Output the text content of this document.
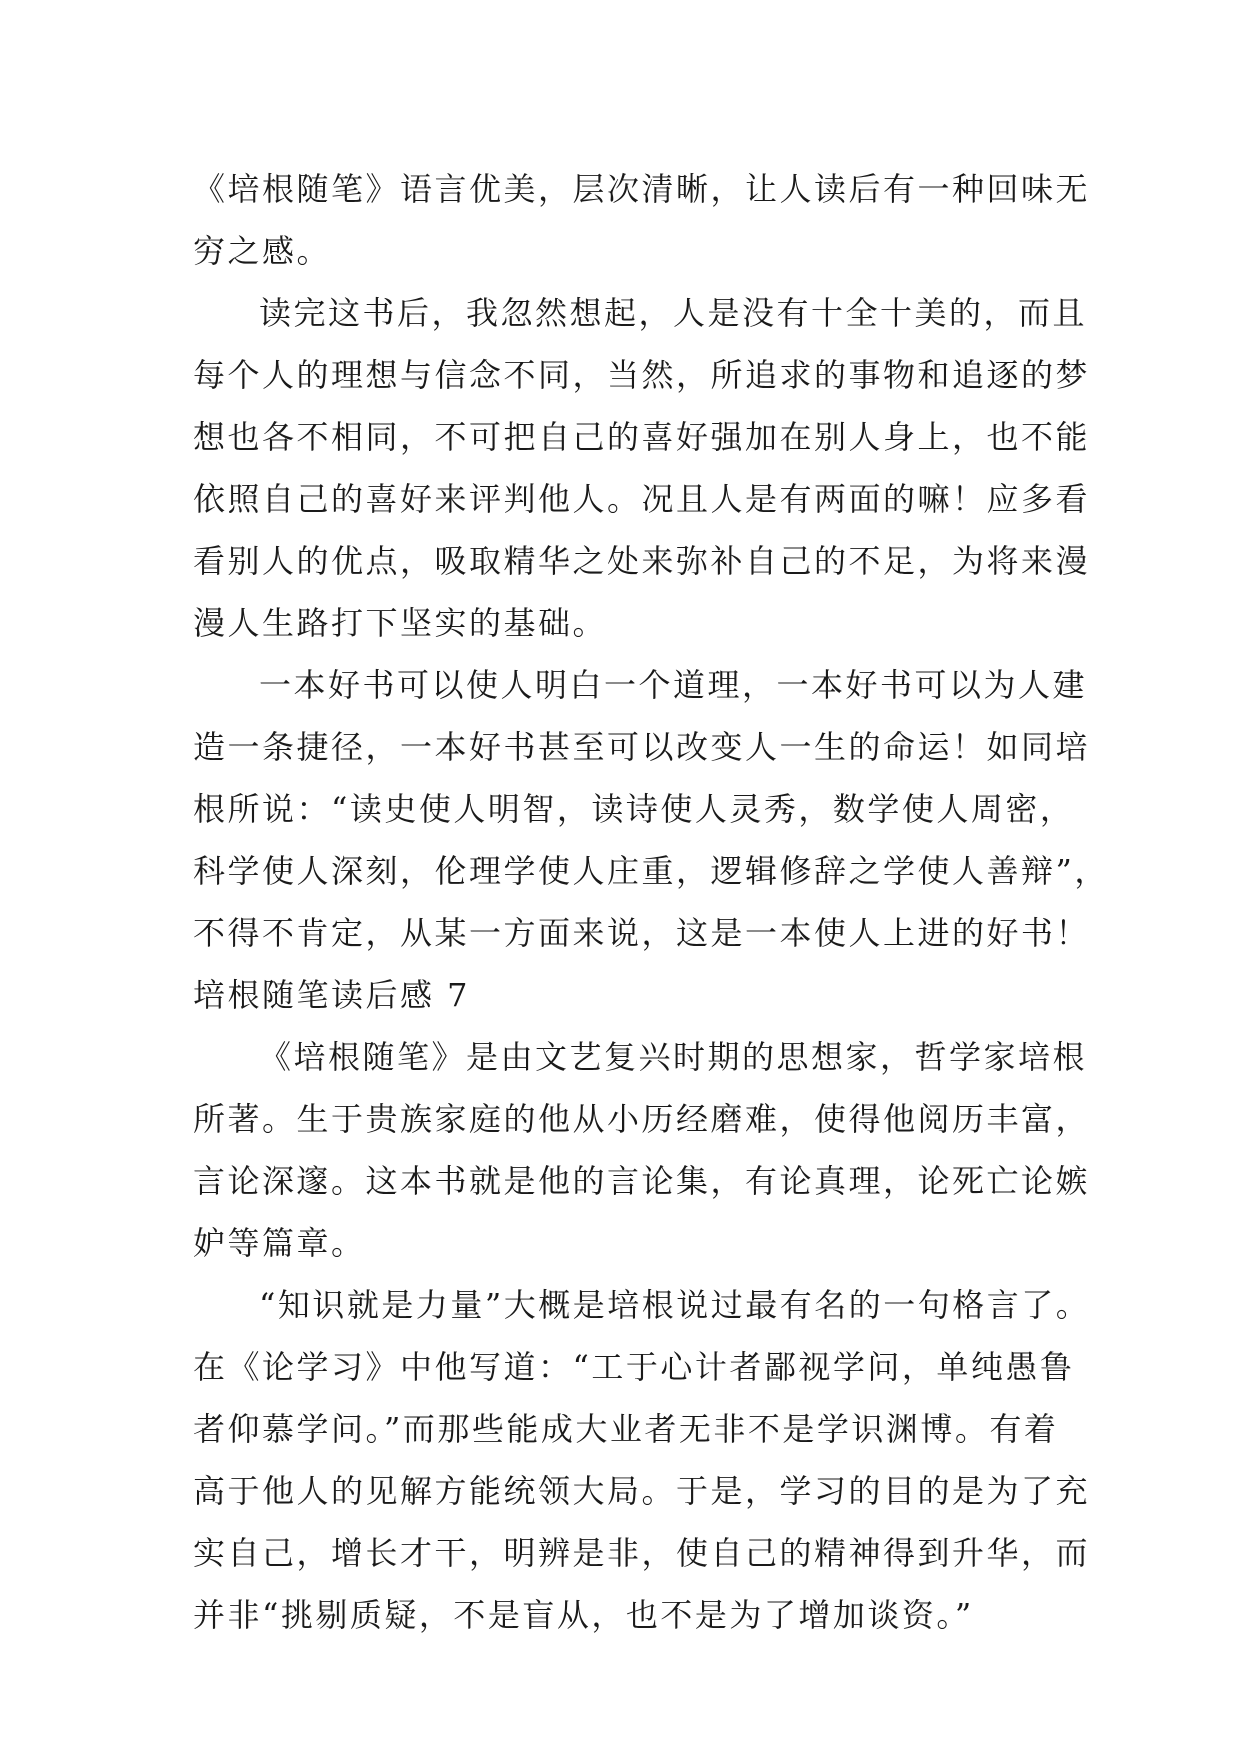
《培根随笔》语言优美，层次清晰，让人读后有一种回味无
穷之感。
读完这书后，我忽然想起，人是没有十全十美的，而且
每个人的理想与信念不同，当然，所追求的事物和追逐的梦
想也各不相同，不可把自己的喜好强加在别人身上，也不能
依照自己的喜好来评判他人。况且人是有两面的嘛！应多看
看别人的优点，吸取精华之处来弥补自己的不足，为将来漫
漫人生路打下坚实的基础。
一本好书可以使人明白一个道理，一本好书可以为人建
造一条捷径，一本好书甚至可以改变人一生的命运！如同培
根所说：“读史使人明智，读诗使人灵秀，数学使人周密，
科学使人深刻，伦理学使人庄重，逻辑修辞之学使人善辩”，
不得不肯定，从某一方面来说，这是一本使人上进的好书！
培根随笔读后感 7
《培根随笔》是由文艺复兴时期的思想家，哲学家培根
所著。生于贵族家庭的他从小历经磨难，使得他阅历丰富，
言论深邃。这本书就是他的言论集，有论真理，论死亡论嫉
妒等篇章。
“知识就是力量”大概是培根说过最有名的一句格言了。
在《论学习》中他写道：“工于心计者鄙视学问，单纯愚鲁
者仰慕学问。”而那些能成大业者无非不是学识渊博。有着
高于他人的见解方能统领大局。于是，学习的目的是为了充
实自己，增长才干，明辨是非，使自己的精神得到升华，而
并非“挑剔质疑，不是盲从，也不是为了增加谈资。”
